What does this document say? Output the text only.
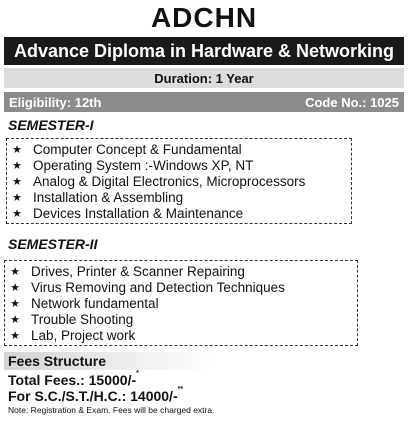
ADCHN
Advance Diploma in Hardware & Networking
Duration: 1 Year
Eligibility: 12th	Code No.: 1025
SEMESTER-I
★ Computer Concept & Fundamental
★ Operating System :-Windows XP, NT
★ Analog & Digital Electronics, Microprocessors
★ Installation & Assembling
★ Devices Installation & Maintenance
SEMESTER-II
★ Drives, Printer & Scanner Repairing
★ Virus Removing and Detection Techniques
★ Network fundamental
★ Trouble Shooting
★ Lab, Project work
Fees Structure
Total Fees.: 15000/-*
For S.C./S.T./H.C.: 14000/-**
Note: Registration & Exam. Fees will be charged extra.
